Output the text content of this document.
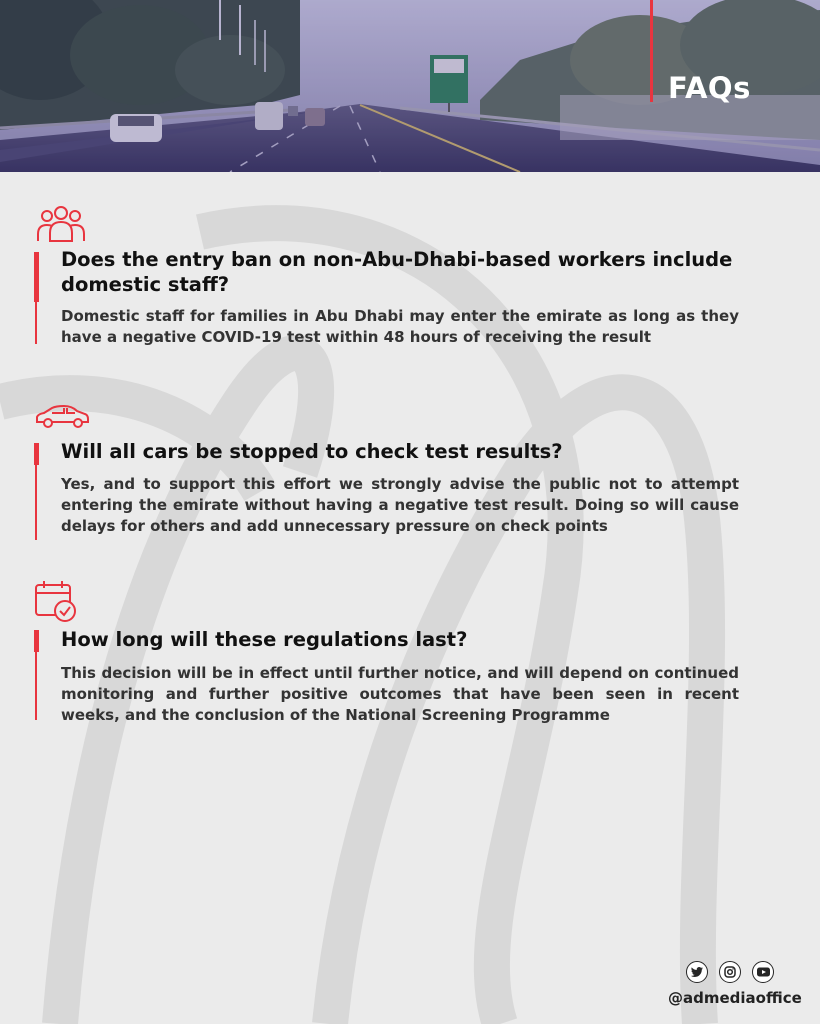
FAQs
Does the entry ban on non-Abu-Dhabi-based workers include domestic staff?

Domestic staff for families in Abu Dhabi may enter the emirate as long as they have a negative COVID-19 test within 48 hours of receiving the result

Will all cars be stopped to check test results?

Yes, and to support this effort we strongly advise the public not to attempt entering the emirate without having a negative test result. Doing so will cause delays for others and add unnecessary pressure on check points

How long will these regulations last?

This decision will be in effect until further notice, and will depend on continued monitoring and further positive outcomes that have been seen in recent weeks, and the conclusion of the National Screening Programme

@admediaoffice
